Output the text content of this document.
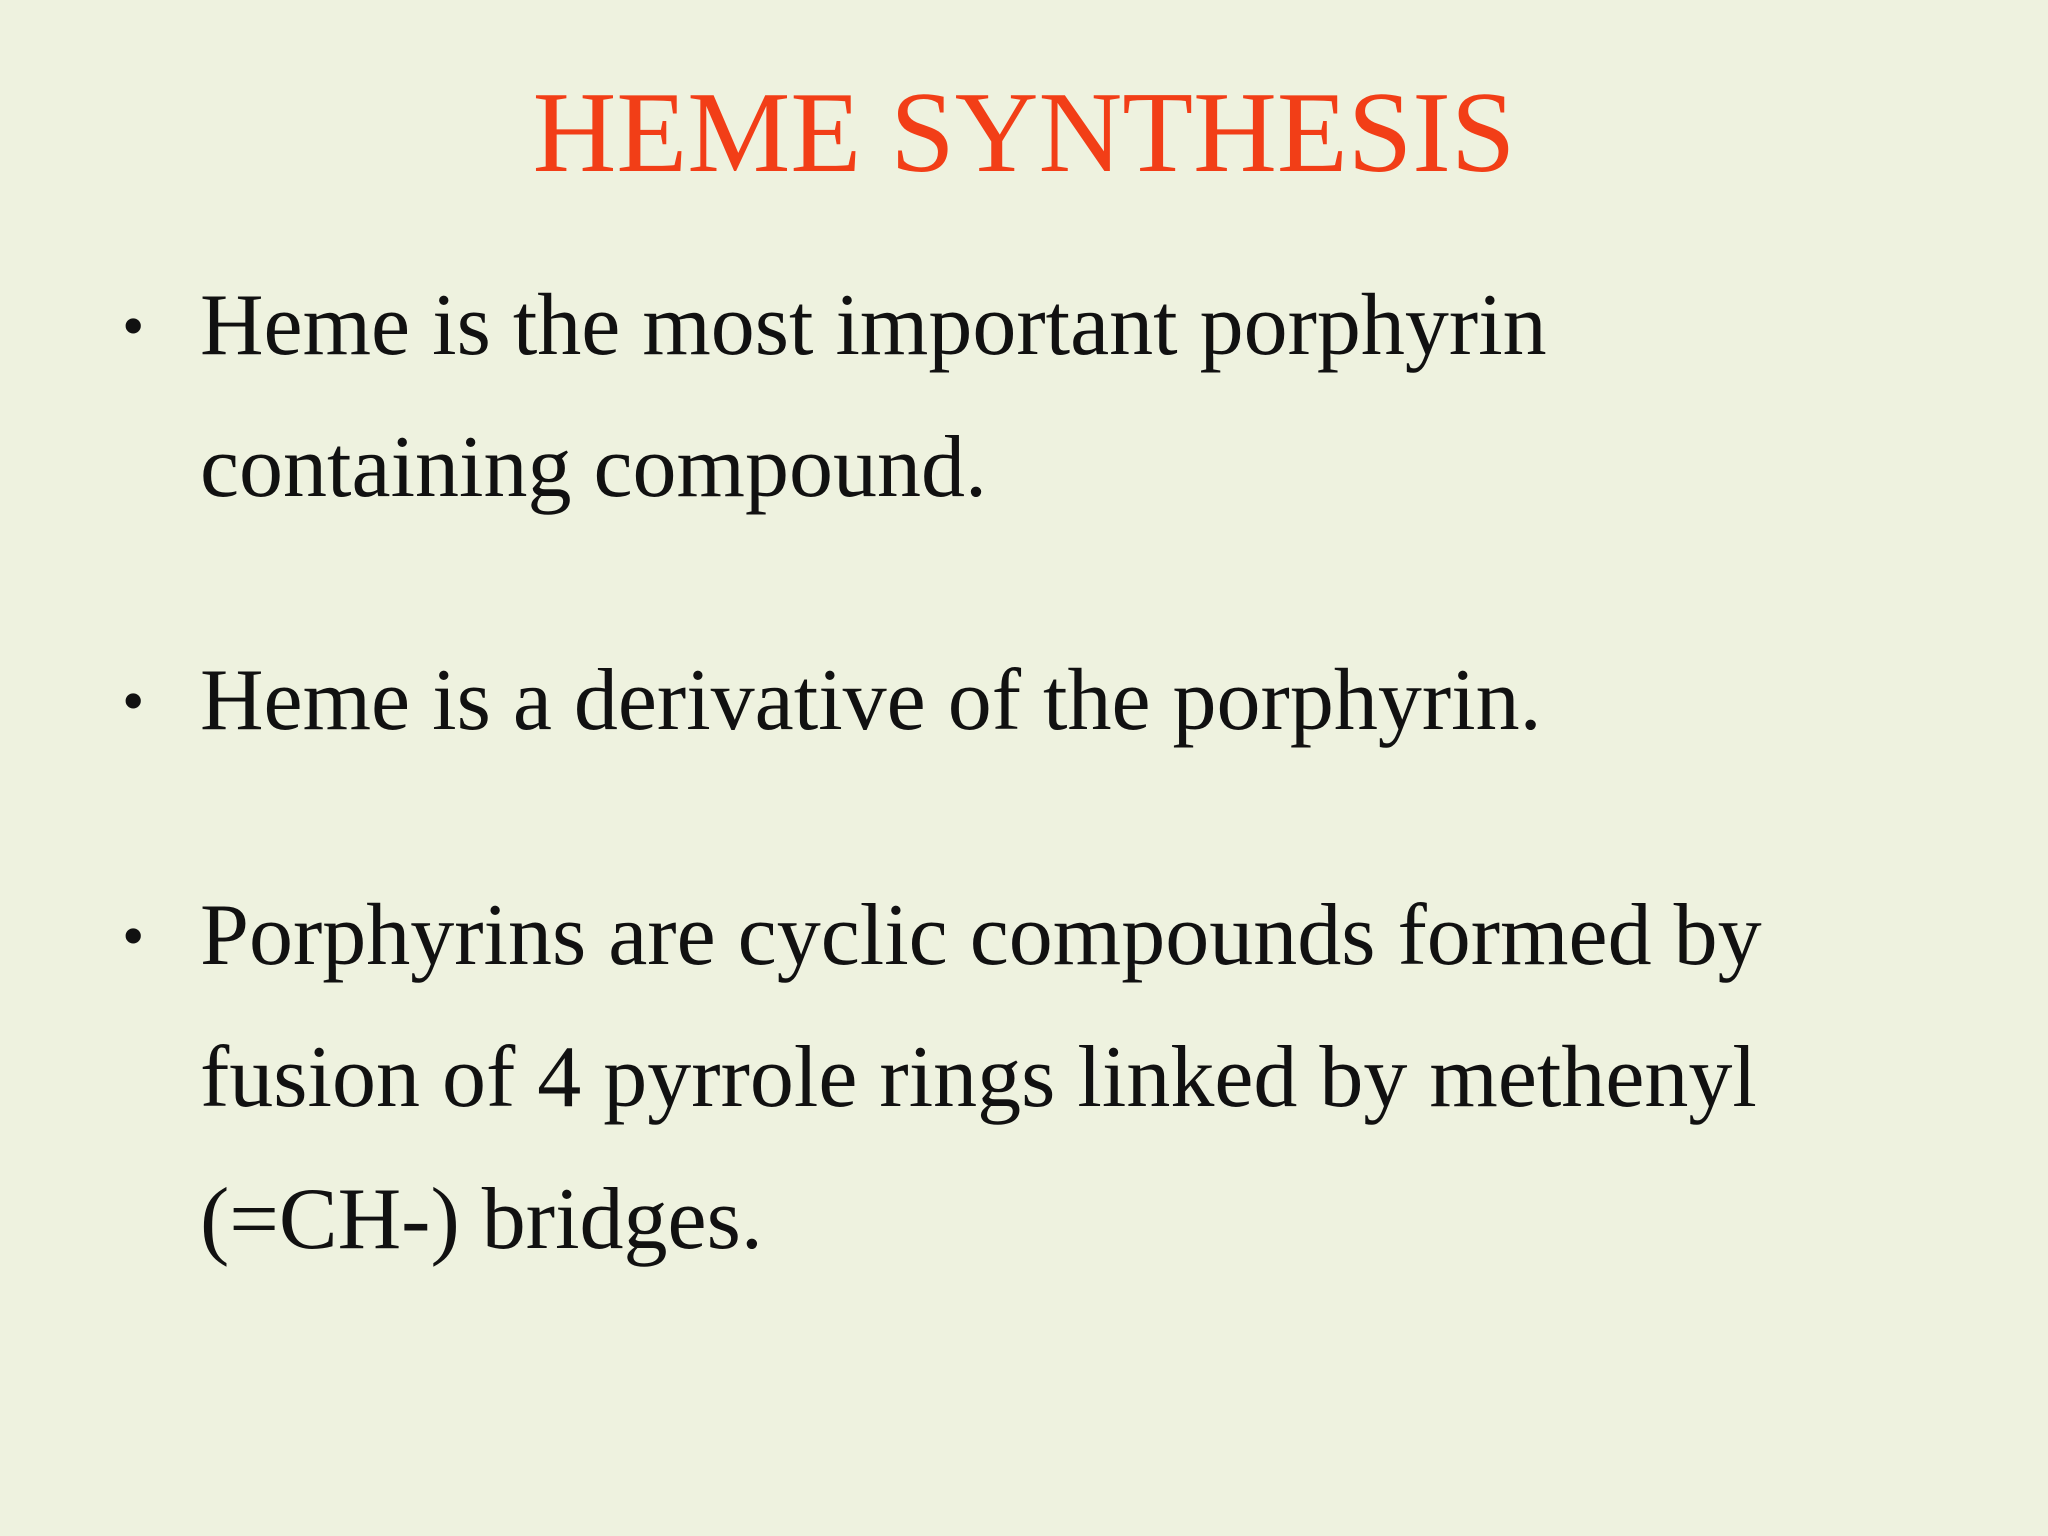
HEME SYNTHESIS
• Heme is the most important porphyrin
containing compound.
• Heme is a derivative of the porphyrin.
• Porphyrins are cyclic compounds formed by
fusion of 4 pyrrole rings linked by methenyl
(=CH-) bridges.
